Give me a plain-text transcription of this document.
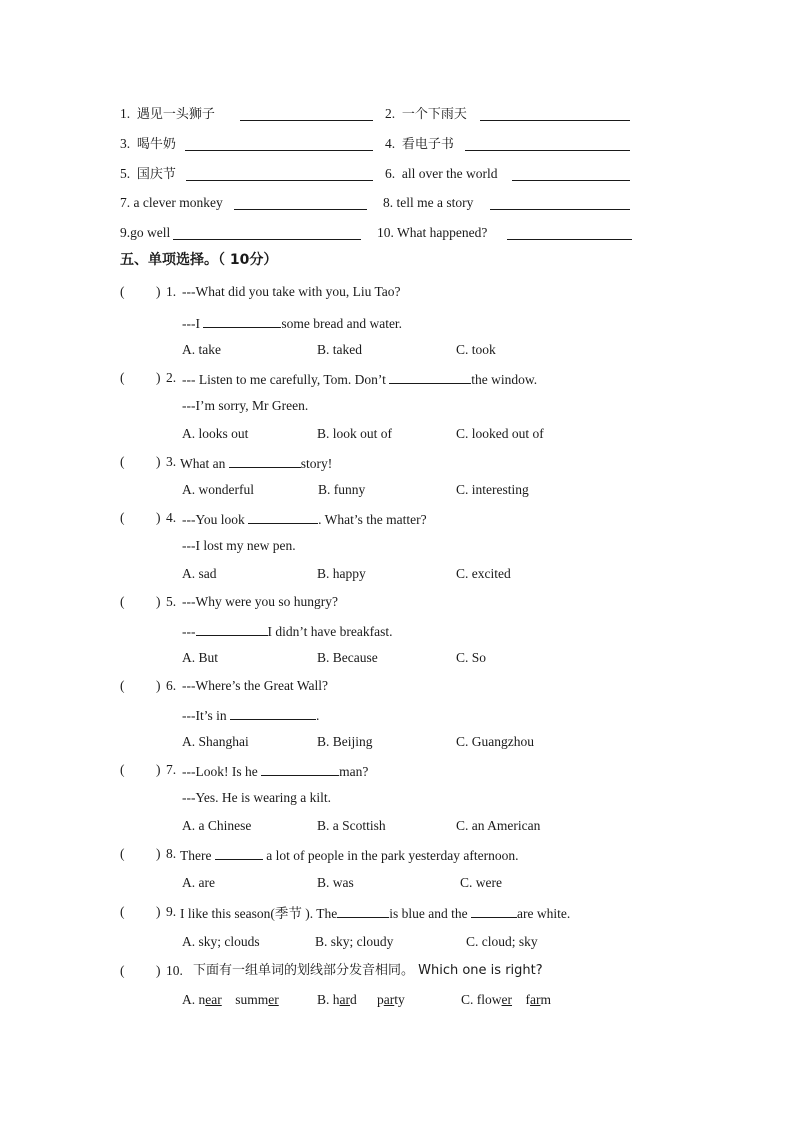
1. 遇见一头狮子	2. 一个下雨天
3. 喝牛奶	4. 看电子书
5. 国庆节	6. all over the world
7. a clever monkey	8. tell me a story
9.go well	10. What happened?
五、单项选择。（ 10分）
( ) 1. ---What did you take with you, Liu Tao?
---I	some bread and water.
A. take	B. taked	C. took
( ) 2. --- Listen to me carefully, Tom. Don’t	the window.
---I’m sorry, Mr Green.
A. looks out	B. look out of	C. looked out of
( ) 3. What an	story!
A. wonderful	B. funny	C. interesting
( ) 4. ---You look	. What’s the matter?
---I lost my new pen.
A. sad	B. happy	C. excited
( ) 5. ---Why were you so hungry?
---	I didn’t have breakfast.
A. But	B. Because	C. So
( ) 6. ---Where’s the Great Wall?
---It’s in	.
A. Shanghai	B. Beijing	C. Guangzhou
( ) 7. ---Look! Is he	man?
---Yes. He is wearing a kilt.
A. a Chinese	B. a Scottish	C. an American
( ) 8. There	a lot of people in the park yesterday afternoon.
A. are	B. was	C. were
( ) 9. I like this season(季节 ). The	is blue and the	are white.
A. sky; clouds	B. sky; cloudy	C. cloud; sky
( ) 10. 下面有一组单词的划线部分发音相同。 Which one is right?
A. near summer	B. hard party	C. flower farm
